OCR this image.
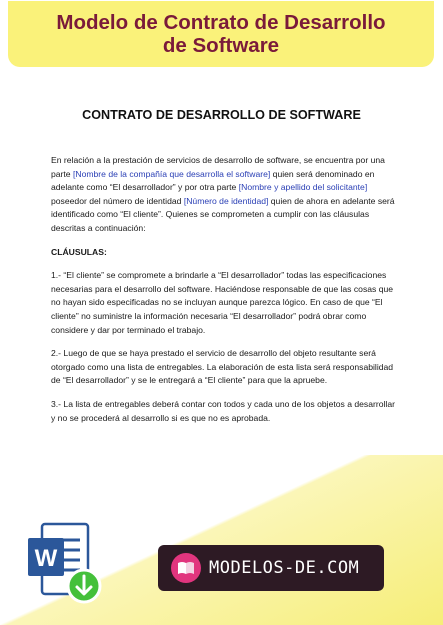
Modelo de Contrato de Desarrollo de Software
CONTRATO DE DESARROLLO DE SOFTWARE

En relación a la prestación de servicios de desarrollo de software, se encuentra por una parte [Nombre de la compañía que desarrolla el software] quien será denominado en adelante como “El desarrollador” y por otra parte [Nombre y apellido del solicitante] poseedor del número de identidad [Número de identidad] quien de ahora en adelante será identificado como “El cliente”. Quienes se comprometen a cumplir con las cláusulas descritas a continuación:

CLÁUSULAS:

1.- “El cliente” se compromete a brindarle a “El desarrollador” todas las especificaciones necesarias para el desarrollo del software. Haciéndose responsable de que las cosas que no hayan sido especificadas no se incluyan aunque parezca lógico. En caso de que “El cliente” no suministre la información necesaria “El desarrollador” podrá obrar como considere y dar por terminado el trabajo.

2.- Luego de que se haya prestado el servicio de desarrollo del objeto resultante será otorgado como una lista de entregables. La elaboración de esta lista será responsabilidad de “El desarrollador” y se le entregará a “El cliente” para que la apruebe.

3.- La lista de entregables deberá contar con todos y cada uno de los objetos a desarrollar y no se procederá al desarrollo si es que no es aprobada.

W	MODELOS-DE.COM
